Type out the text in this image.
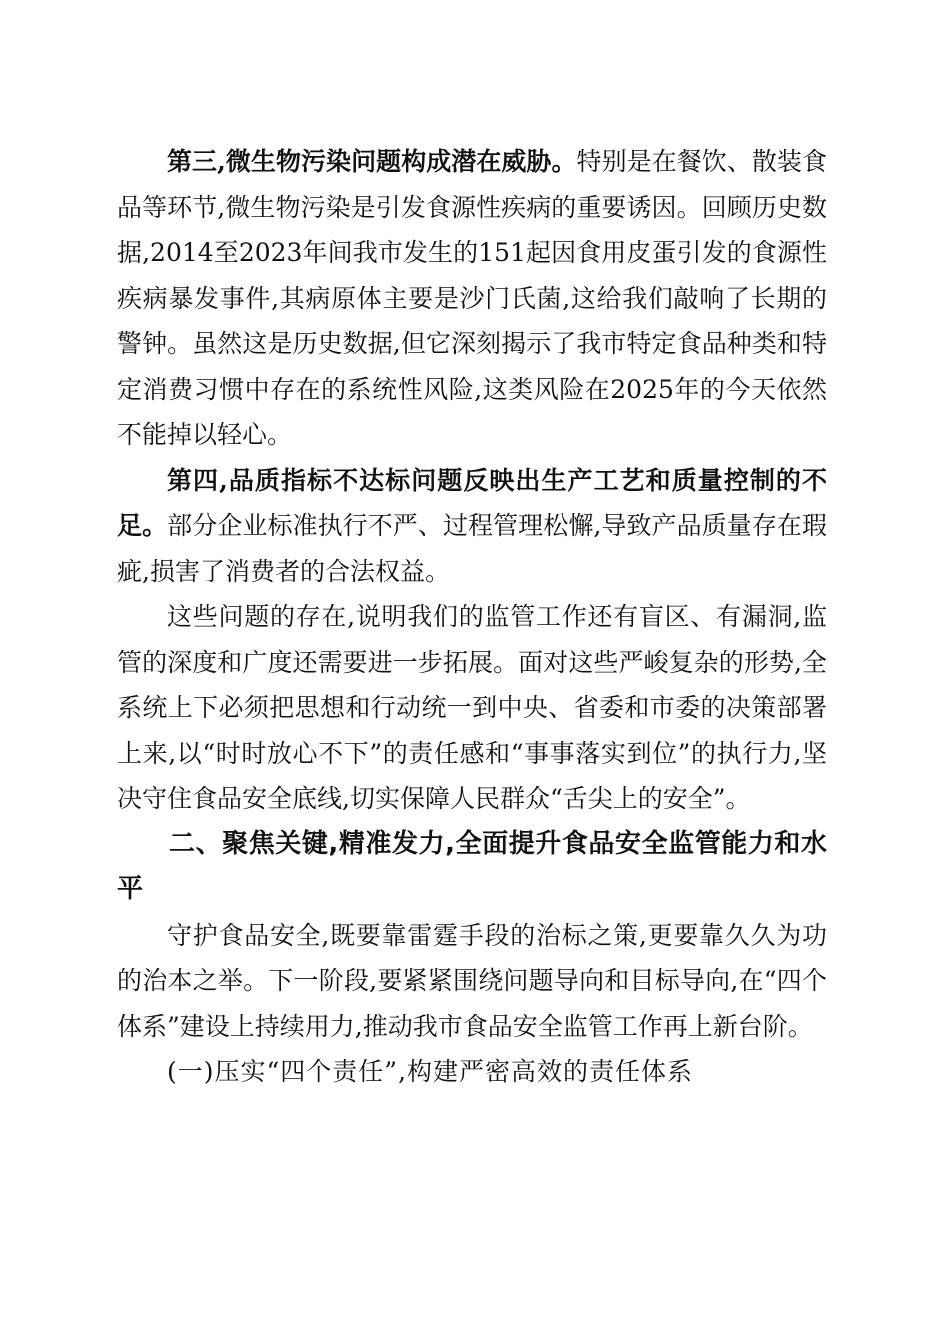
第三,微生物污染问题构成潜在威胁。特别是在餐饮、散装食品等环节,微生物污染是引发食源性疾病的重要诱因。回顾历史数据,2014至2023年间我市发生的151起因食用皮蛋引发的食源性疾病暴发事件,其病原体主要是沙门氏菌,这给我们敲响了长期的警钟。虽然这是历史数据,但它深刻揭示了我市特定食品种类和特定消费习惯中存在的系统性风险,这类风险在2025年的今天依然不能掉以轻心。

第四,品质指标不达标问题反映出生产工艺和质量控制的不足。部分企业标准执行不严、过程管理松懈,导致产品质量存在瑕疵,损害了消费者的合法权益。

这些问题的存在,说明我们的监管工作还有盲区、有漏洞,监管的深度和广度还需要进一步拓展。面对这些严峻复杂的形势,全系统上下必须把思想和行动统一到中央、省委和市委的决策部署上来,以“时时放心不下”的责任感和“事事落实到位”的执行力,坚决守住食品安全底线,切实保障人民群众“舌尖上的安全”。

二、聚焦关键,精准发力,全面提升食品安全监管能力和水平

守护食品安全,既要靠雷霆手段的治标之策,更要靠久久为功的治本之举。下一阶段,要紧紧围绕问题导向和目标导向,在“四个体系”建设上持续用力,推动我市食品安全监管工作再上新台阶。

(一)压实“四个责任”,构建严密高效的责任体系
